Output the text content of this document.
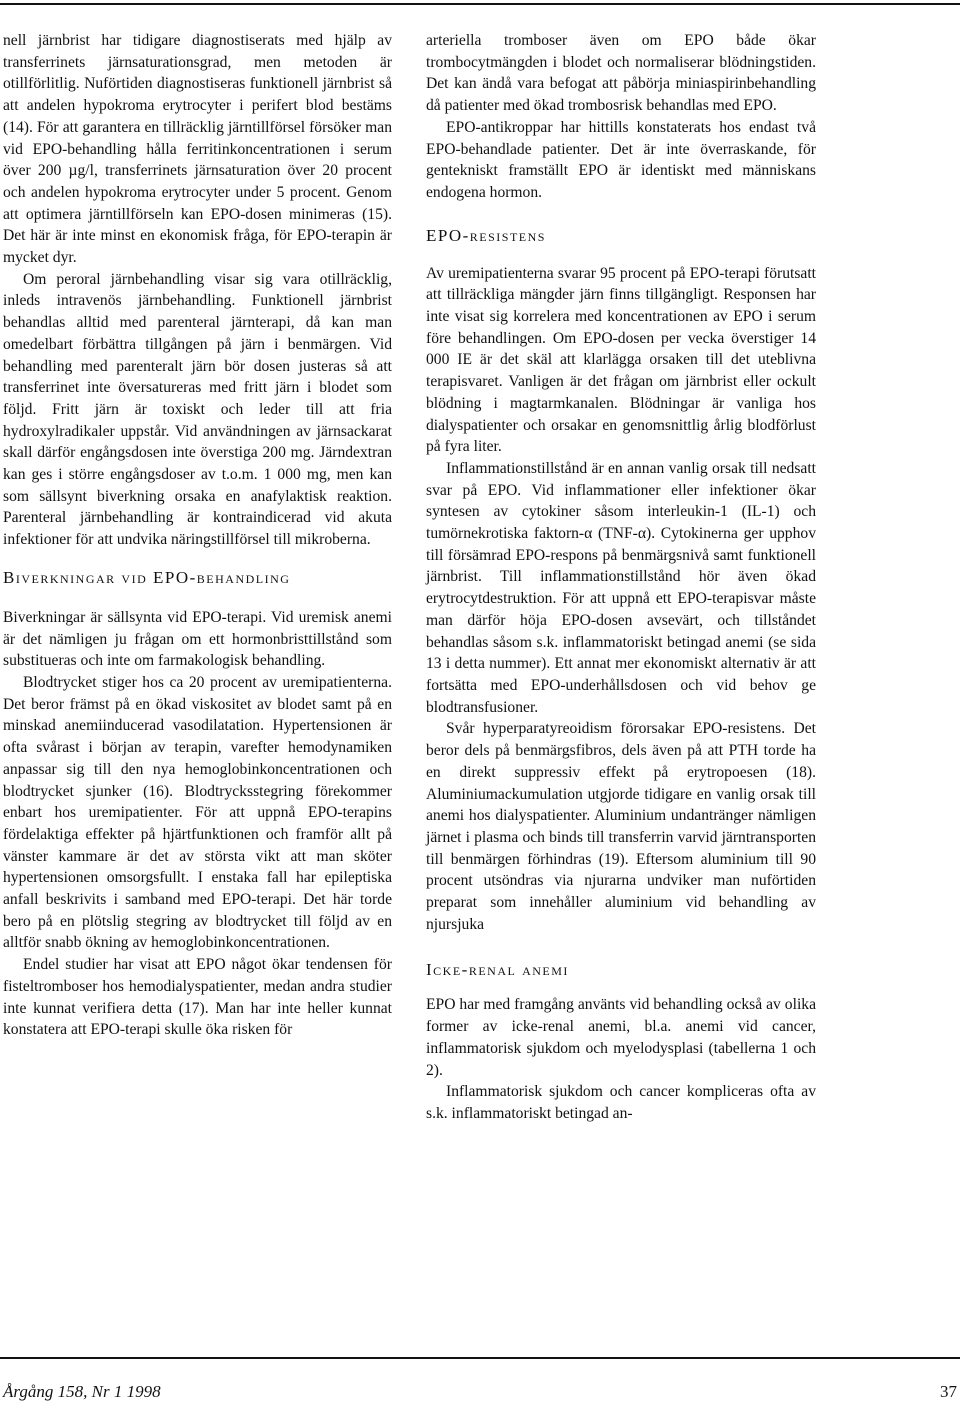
nell järnbrist har tidigare diagnostiserats med hjälp av transferrinets järnsaturationsgrad, men metoden är otillförlitlig. Nuförtiden diagnostiseras funktionell järnbrist så att andelen hypokroma erytrocyter i perifert blod bestäms (14). För att garantera en tillräcklig järntillförsel försöker man vid EPO-behandling hålla ferritinkoncentrationen i serum över 200 µg/l, transferrinets järnsaturation över 20 procent och andelen hypokroma erytrocyter under 5 procent. Genom att optimera järntillförseln kan EPO-dosen minimeras (15). Det här är inte minst en ekonomisk fråga, för EPO-terapin är mycket dyr.

Om peroral järnbehandling visar sig vara otillräcklig, inleds intravenös järnbehandling. Funktionell järnbrist behandlas alltid med parenteral järnterapi, då kan man omedelbart förbättra tillgången på järn i benmärgen. Vid behandling med parenteralt järn bör dosen justeras så att transferrinet inte översatureras med fritt järn i blodet som följd. Fritt järn är toxiskt och leder till att fria hydroxylradikaler uppstår. Vid användningen av järnsackarat skall därför engångsdosen inte överstiga 200 mg. Järndextran kan ges i större engångsdoser av t.o.m. 1 000 mg, men kan som sällsynt biverkning orsaka en anafylaktisk reaktion. Parenteral järnbehandling är kontraindicerad vid akuta infektioner för att undvika näringstillförsel till mikroberna.

Biverkningar vid EPO-behandling

Biverkningar är sällsynta vid EPO-terapi. Vid uremisk anemi är det nämligen ju frågan om ett hormonbristtillstånd som substitueras och inte om farmakologisk behandling.

Blodtrycket stiger hos ca 20 procent av uremipatienterna. Det beror främst på en ökad viskositet av blodet samt på en minskad anemiinducerad vasodilatation. Hypertensionen är ofta svårast i början av terapin, varefter hemodynamiken anpassar sig till den nya hemoglobinkoncentrationen och blodtrycket sjunker (16). Blodtrycksstegring förekommer enbart hos uremipatienter. För att uppnå EPO-terapins fördelaktiga effekter på hjärtfunktionen och framför allt på vänster kammare är det av största vikt att man sköter hypertensionen omsorgsfullt. I enstaka fall har epileptiska anfall beskrivits i samband med EPO-terapi. Det här torde bero på en plötslig stegring av blodtrycket till följd av en alltför snabb ökning av hemoglobinkoncentrationen.

Endel studier har visat att EPO något ökar tendensen för fisteltromboser hos hemodialyspatienter, medan andra studier inte kunnat verifiera detta (17). Man har inte heller kunnat konstatera att EPO-terapi skulle öka risken för

arteriella tromboser även om EPO både ökar trombocytmängden i blodet och normaliserar blödningstiden. Det kan ändå vara befogat att påbörja miniaspirinbehandling då patienter med ökad trombosrisk behandlas med EPO.

EPO-antikroppar har hittills konstaterats hos endast två EPO-behandlade patienter. Det är inte överraskande, för gentekniskt framställt EPO är identiskt med människans endogena hormon.

EPO-resistens

Av uremipatienterna svarar 95 procent på EPO-terapi förutsatt att tillräckliga mängder järn finns tillgängligt. Responsen har inte visat sig korrelera med koncentrationen av EPO i serum före behandlingen. Om EPO-dosen per vecka överstiger 14 000 IE är det skäl att klarlägga orsaken till det uteblivna terapisvaret. Vanligen är det frågan om järnbrist eller ockult blödning i magtarmkanalen. Blödningar är vanliga hos dialyspatienter och orsakar en genomsnittlig årlig blodförlust på fyra liter.

Inflammationstillstånd är en annan vanlig orsak till nedsatt svar på EPO. Vid inflammationer eller infektioner ökar syntesen av cytokiner såsom interleukin-1 (IL-1) och tumörnekrotiska faktorn-α (TNF-α). Cytokinerna ger upphov till försämrad EPO-respons på benmärgsnivå samt funktionell järnbrist. Till inflammationstillstånd hör även ökad erytrocytdestruktion. För att uppnå ett EPO-terapisvar måste man därför höja EPO-dosen avsevärt, och tillståndet behandlas såsom s.k. inflammatoriskt betingad anemi (se sida 13 i detta nummer). Ett annat mer ekonomiskt alternativ är att fortsätta med EPO-underhållsdosen och vid behov ge blodtransfusioner.

Svår hyperparatyreoidism förorsakar EPO-resistens. Det beror dels på benmärgsfibros, dels även på att PTH torde ha en direkt suppressiv effekt på erytropoesen (18). Aluminiumackumulation utgjorde tidigare en vanlig orsak till anemi hos dialyspatienter. Aluminium undantränger nämligen järnet i plasma och binds till transferrin varvid järntransporten till benmärgen förhindras (19). Eftersom aluminium till 90 procent utsöndras via njurarna undviker man nuförtiden preparat som innehåller aluminium vid behandling av njursjuka

Icke-renal anemi

EPO har med framgång använts vid behandling också av olika former av icke-renal anemi, bl.a. anemi vid cancer, inflammatorisk sjukdom och myelodysplasi (tabellerna 1 och 2).

Inflammatorisk sjukdom och cancer kompliceras ofta av s.k. inflammatoriskt betingad an-

Årgång 158, Nr 1 1998	37
